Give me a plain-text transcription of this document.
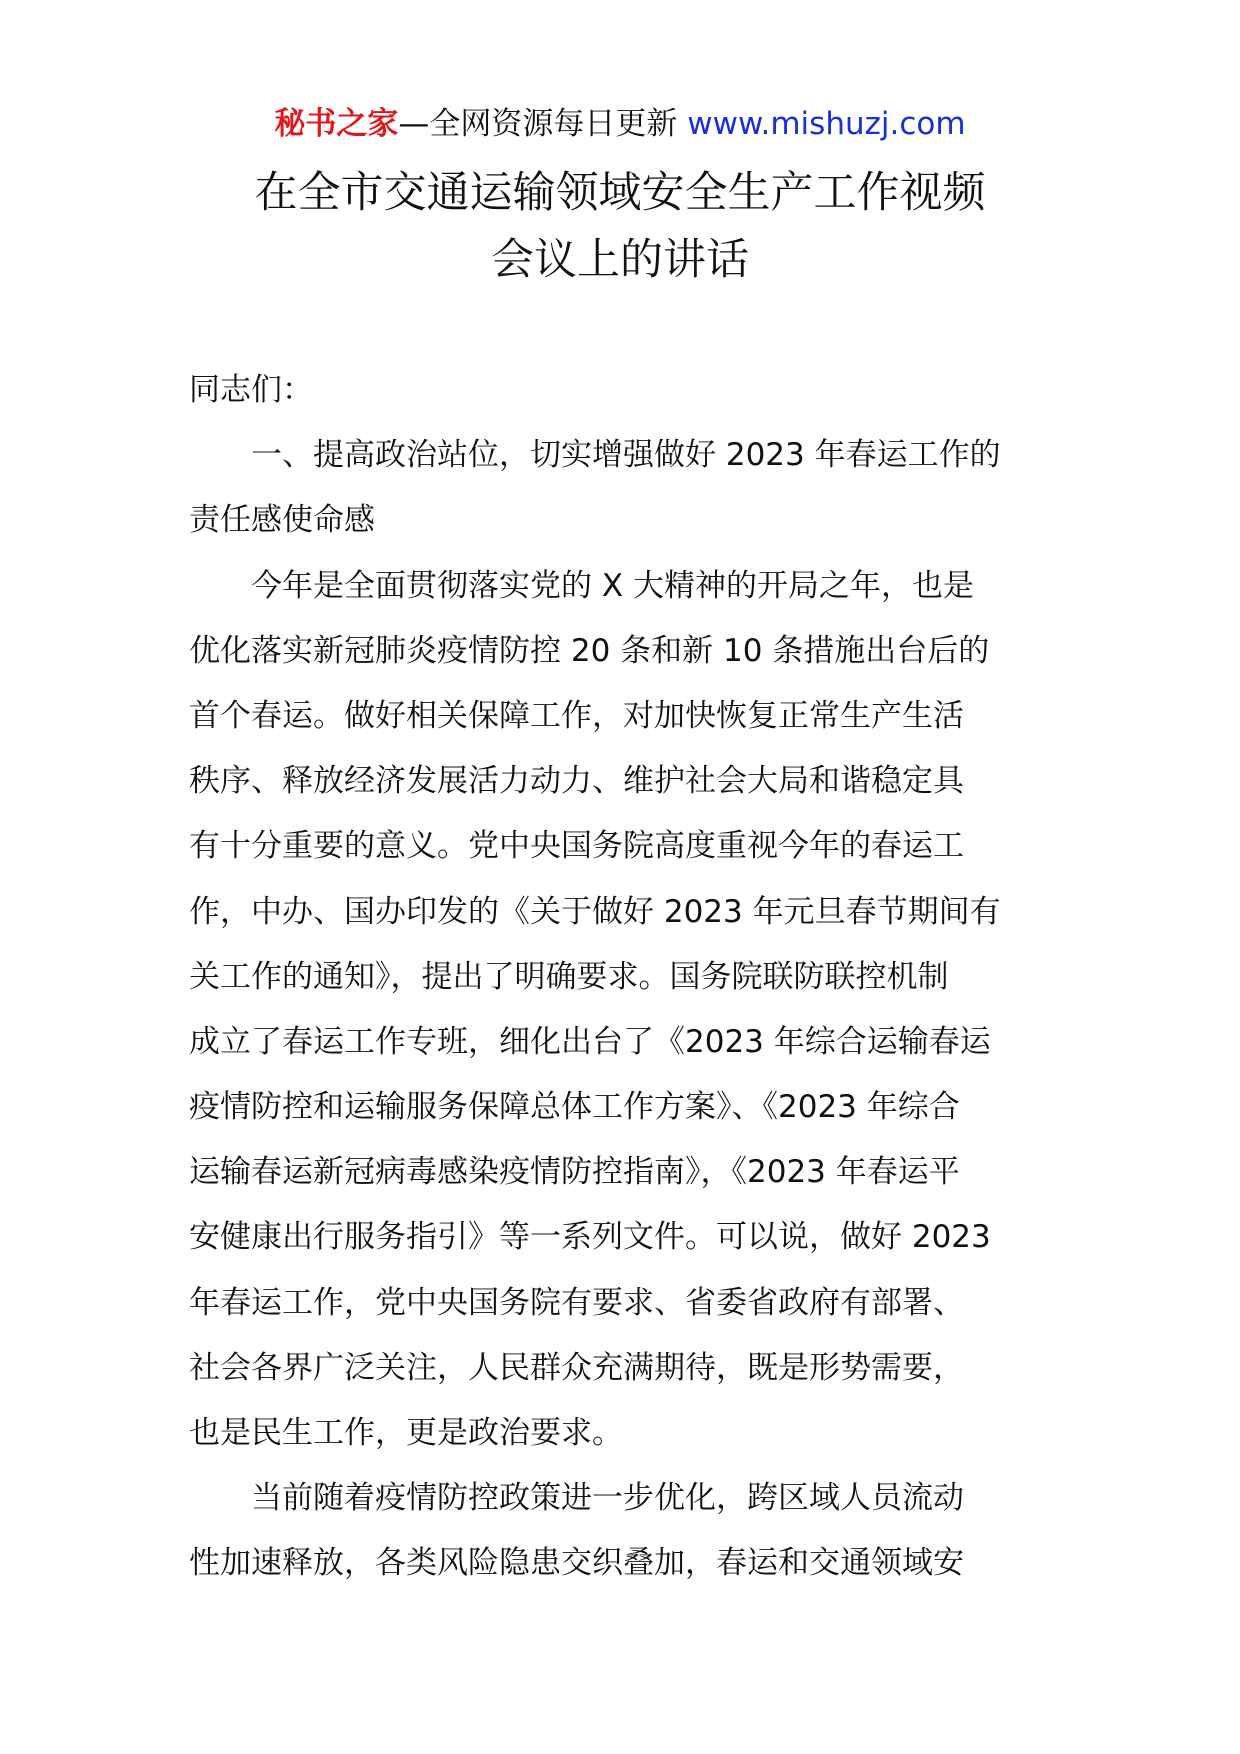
秘书之家—全网资源每日更新 www.mishuzj.com
在全市交通运输领域安全生产工作视频
会议上的讲话
同志们：
　　一、提高政治站位，切实增强做好 2023 年春运工作的
责任感使命感
　　今年是全面贯彻落实党的 X 大精神的开局之年，也是
优化落实新冠肺炎疫情防控 20 条和新 10 条措施出台后的
首个春运。做好相关保障工作，对加快恢复正常生产生活
秩序、释放经济发展活力动力、维护社会大局和谐稳定具
有十分重要的意义。党中央国务院高度重视今年的春运工
作，中办、国办印发的《关于做好 2023 年元旦春节期间有
关工作的通知》，提出了明确要求。国务院联防联控机制
成立了春运工作专班，细化出台了《2023 年综合运输春运
疫情防控和运输服务保障总体工作方案》、《2023 年综合
运输春运新冠病毒感染疫情防控指南》，《2023 年春运平
安健康出行服务指引》等一系列文件。可以说，做好 2023
年春运工作，党中央国务院有要求、省委省政府有部署、
社会各界广泛关注，人民群众充满期待，既是形势需要，
也是民生工作，更是政治要求。
　　当前随着疫情防控政策进一步优化，跨区域人员流动
性加速释放，各类风险隐患交织叠加，春运和交通领域安
